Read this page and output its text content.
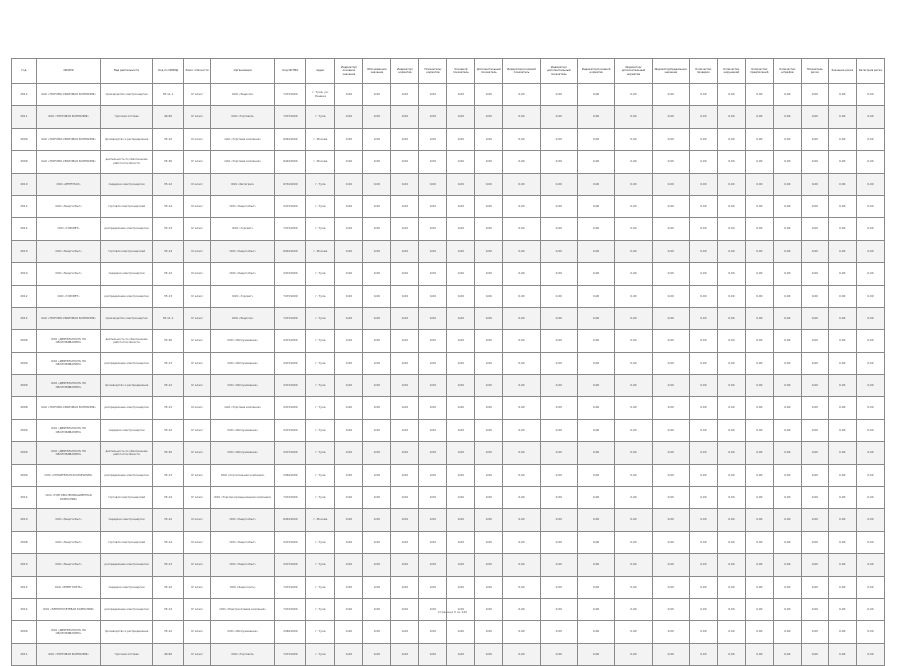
Год	ОКОПФ	Вид деятельности	Код по ОКВЭД	Класс опасности	Организация	Код ОКТМО	Адрес	Индикатор/основное значение	Обоснованное значение	Индикатор/норматив	Показатель/норматив	Основной показатель	Дополнительный показатель	Индикатор/основной показатель	Индикатор/дополнительный показатель	Индикатор/основной норматив	Индикатор/дополнительный норматив	Индикатор/предельное значение	Количество проверок	Количество нарушений	Количество предписаний	Количество штрафов	Показатель риска	Значение риска	Категория риска
2012	ОАО «ТОРГОВО-СБЫТОВАЯ КОМПАНИЯ»	производство электроэнергии	35.11.1	IV класс	ООО «Энергия»	74701000	г. Тула, ул. Ленина	0,00	0,00	0,00	0,00	0,00	0,00	0,00	0,00	0,00	0,00	0,00	0,00	0,00	0,00	0,00	0,00	0,00	0,00
2011	ООО «ТОРГОВАЯ КОМПАНИЯ»	торговля оптовая	46.90	IV класс	ООО «Торговля»	74701000	г. Тула	0,00	0,00	0,00	0,00	0,00	0,00	0,00	0,00	0,00	0,00	0,00	0,00	0,00	0,00	0,00	0,00	0,00	0,00
2009	ОАО «ТОРГОВО-СБЫТОВАЯ КОМПАНИЯ»	производство и распределение	35.12	III класс	ОАО «Торговая компания»	64401000	г. Москва	0,00	0,00	0,00	0,00	0,00	0,00	0,00	0,00	0,00	0,00	0,00	0,00	0,00	0,00	0,00	0,00	0,00	0,00
2009	ОАО «ТОРГОВО-СБЫТОВАЯ КОМПАНИЯ»	деятельность по обеспечению работоспособности	35.30	IV класс	ОАО «Торговая компания»	64401000	г. Москва	0,00	0,00	0,00	0,00	0,00	0,00	0,00	0,00	0,00	0,00	0,00	0,00	0,00	0,00	0,00	0,00	0,00	0,00
2010	ООО «ИНТЕГРАЛ»	передача электроэнергии	35.12	III класс	ООО «Интеграл»	67401000	г. Тула	0,00	0,00	0,00	0,00	0,00	0,00	0,00	0,00	0,00	0,00	0,00	0,00	0,00	0,00	0,00	0,00	0,00	0,00
2012	ООО «Энергосбыт»	торговля электроэнергией	35.14	III класс	ООО «Энергосбыт»	24701000	г. Тула	0,00	0,00	0,00	0,00	0,00	0,00	0,00	0,00	0,00	0,00	0,00	0,00	0,00	0,00	0,00	0,00	0,00	0,00
2012	ООО «ГОРСВЕТ»	распределение электроэнергии	35.13	IV класс	ООО «Горсвет»	74701000	г. Тула	0,00	0,00	0,00	0,00	0,00	0,00	0,00	0,00	0,00	0,00	0,00	0,00	0,00	0,00	0,00	0,00	0,00	0,00
2010	ООО «Энергосбыт»	торговля электроэнергией	35.14	III класс	ООО «Энергосбыт»	64401000	г. Москва	0,00	0,00	0,00	0,00	0,00	0,00	0,00	0,00	0,00	0,00	0,00	0,00	0,00	0,00	0,00	0,00	0,00	0,00
2010	ООО «Энергосбыт»	передача электроэнергии	35.12	III класс	ООО «Энергосбыт»	24701000	г. Тула	0,00	0,00	0,00	0,00	0,00	0,00	0,00	0,00	0,00	0,00	0,00	0,00	0,00	0,00	0,00	0,00	0,00	0,00
2012	ООО «ГОРСВЕТ»	распределение электроэнергии	35.13	IV класс	ООО «Горсвет»	74701000	г. Тула	0,00	0,00	0,00	0,00	0,00	0,00	0,00	0,00	0,00	0,00	0,00	0,00	0,00	0,00	0,00	0,00	0,00	0,00
2012	ОАО «ТОРГОВО-СБЫТОВАЯ КОМПАНИЯ»	производство электроэнергии	35.11.1	IV класс	ООО «Энергия»	74701000	г. Тула	0,00	0,00	0,00	0,00	0,00	0,00	0,00	0,00	0,00	0,00	0,00	0,00	0,00	0,00	0,00	0,00	0,00	0,00
2009	ООО «ДЕЯТЕЛЬНОСТЬ ПО ОБСЛУЖИВАНИЮ»	деятельность по обеспечению работоспособности	35.30	IV класс	ООО «Обслуживание»	24701000	г. Тула	0,00	0,00	0,00	0,00	0,00	0,00	0,00	0,00	0,00	0,00	0,00	0,00	0,00	0,00	0,00	0,00	0,00	0,00
2009	ООО «ДЕЯТЕЛЬНОСТЬ ПО ОБСЛУЖИВАНИЮ»	распределение электроэнергии	35.13	IV класс	ООО «Обслуживание»	24701000	г. Тула	0,00	0,00	0,00	0,00	0,00	0,00	0,00	0,00	0,00	0,00	0,00	0,00	0,00	0,00	0,00	0,00	0,00	0,00
2009	ООО «ДЕЯТЕЛЬНОСТЬ ПО ОБСЛУЖИВАНИЮ»	производство и распределение	35.12	IV класс	ООО «Обслуживание»	24701000	г. Тула	0,00	0,00	0,00	0,00	0,00	0,00	0,00	0,00	0,00	0,00	0,00	0,00	0,00	0,00	0,00	0,00	0,00	0,00
2008	ОАО «ТОРГОВО-СБЫТОВАЯ КОМПАНИЯ»	распределение электроэнергии	35.13	III класс	ОАО «Торговая компания»	24701000	г. Тула	0,00	0,00	0,00	0,00	0,00	0,00	0,00	0,00	0,00	0,00	0,00	0,00	0,00	0,00	0,00	0,00	0,00	0,00
2009	ООО «ДЕЯТЕЛЬНОСТЬ ПО ОБСЛУЖИВАНИЮ»	передача электроэнергии	35.12	IV класс	ООО «Обслуживание»	24701000	г. Тула	0,00	0,00	0,00	0,00	0,00	0,00	0,00	0,00	0,00	0,00	0,00	0,00	0,00	0,00	0,00	0,00	0,00	0,00
2009	ООО «ДЕЯТЕЛЬНОСТЬ ПО ОБСЛУЖИВАНИЮ»	деятельность по обеспечению работоспособности	35.30	IV класс	ООО «Обслуживание»	24701000	г. Тула	0,00	0,00	0,00	0,00	0,00	0,00	0,00	0,00	0,00	0,00	0,00	0,00	0,00	0,00	0,00	0,00	0,00	0,00
2009	ООО «СТРОИТЕЛЬНАЯ КОМПАНИЯ»	распределение электроэнергии	35.13	IV класс	ООО «Строительная компания»	24601000	г. Тула	0,00	0,00	0,00	0,00	0,00	0,00	0,00	0,00	0,00	0,00	0,00	0,00	0,00	0,00	0,00	0,00	0,00	0,00
2012	ООО «ТОРГОВО-ПРОМЫШЛЕННАЯ КОМПАНИЯ»	торговля электроэнергией	35.14	IV класс	ООО «Торгово-промышленная компания»	74701000	г. Тула	0,00	0,00	0,00	0,00	0,00	0,00	0,00	0,00	0,00	0,00	0,00	0,00	0,00	0,00	0,00	0,00	0,00	0,00
2010	ООО «Энергосбыт»	передача электроэнергии	35.12	III класс	ООО «Энергосбыт»	64401000	г. Москва	0,00	0,00	0,00	0,00	0,00	0,00	0,00	0,00	0,00	0,00	0,00	0,00	0,00	0,00	0,00	0,00	0,00	0,00
2008	ООО «Энергосбыт»	торговля электроэнергией	35.14	III класс	ООО «Энергосбыт»	24701000	г. Тула	0,00	0,00	0,00	0,00	0,00	0,00	0,00	0,00	0,00	0,00	0,00	0,00	0,00	0,00	0,00	0,00	0,00	0,00
2010	ООО «Энергосбыт»	распределение электроэнергии	35.13	IV класс	ООО «Энергосбыт»	24701000	г. Тула	0,00	0,00	0,00	0,00	0,00	0,00	0,00	0,00	0,00	0,00	0,00	0,00	0,00	0,00	0,00	0,00	0,00	0,00
2012	ООО «ЭНЕРГОСЕТЬ»	передача электроэнергии	35.12	IV класс	ООО «Энергосеть»	74701000	г. Тула	0,00	0,00	0,00	0,00	0,00	0,00	0,00	0,00	0,00	0,00	0,00	0,00	0,00	0,00	0,00	0,00	0,00	0,00
2012	ООО «ЭЛЕКТРОСЕТЕВАЯ КОМПАНИЯ»	распределение электроэнергии	35.13	IV класс	ООО «Электросетевая компания»	74701000	г. Тула	0,00	0,00	0,00	0,00	0,00	0,00	0,00	0,00	0,00	0,00	0,00	0,00	0,00	0,00	0,00	0,00	0,00	0,00
2009	ООО «ДЕЯТЕЛЬНОСТЬ ПО ОБСЛУЖИВАНИЮ»	производство и распределение	35.12	IV класс	ООО «Обслуживание»	24601000	г. Тула	0,00	0,00	0,00	0,00	0,00	0,00	0,00	0,00	0,00	0,00	0,00	0,00	0,00	0,00	0,00	0,00	0,00	0,00
2011	ООО «ТОРГОВАЯ КОМПАНИЯ»	торговля оптовая	46.90	IV класс	ООО «Торговля»	74701000	г. Тула	0,00	0,00	0,00	0,00	0,00	0,00	0,00	0,00	0,00	0,00	0,00	0,00	0,00	0,00	0,00	0,00	0,00	0,00
Страница 5 из 120
